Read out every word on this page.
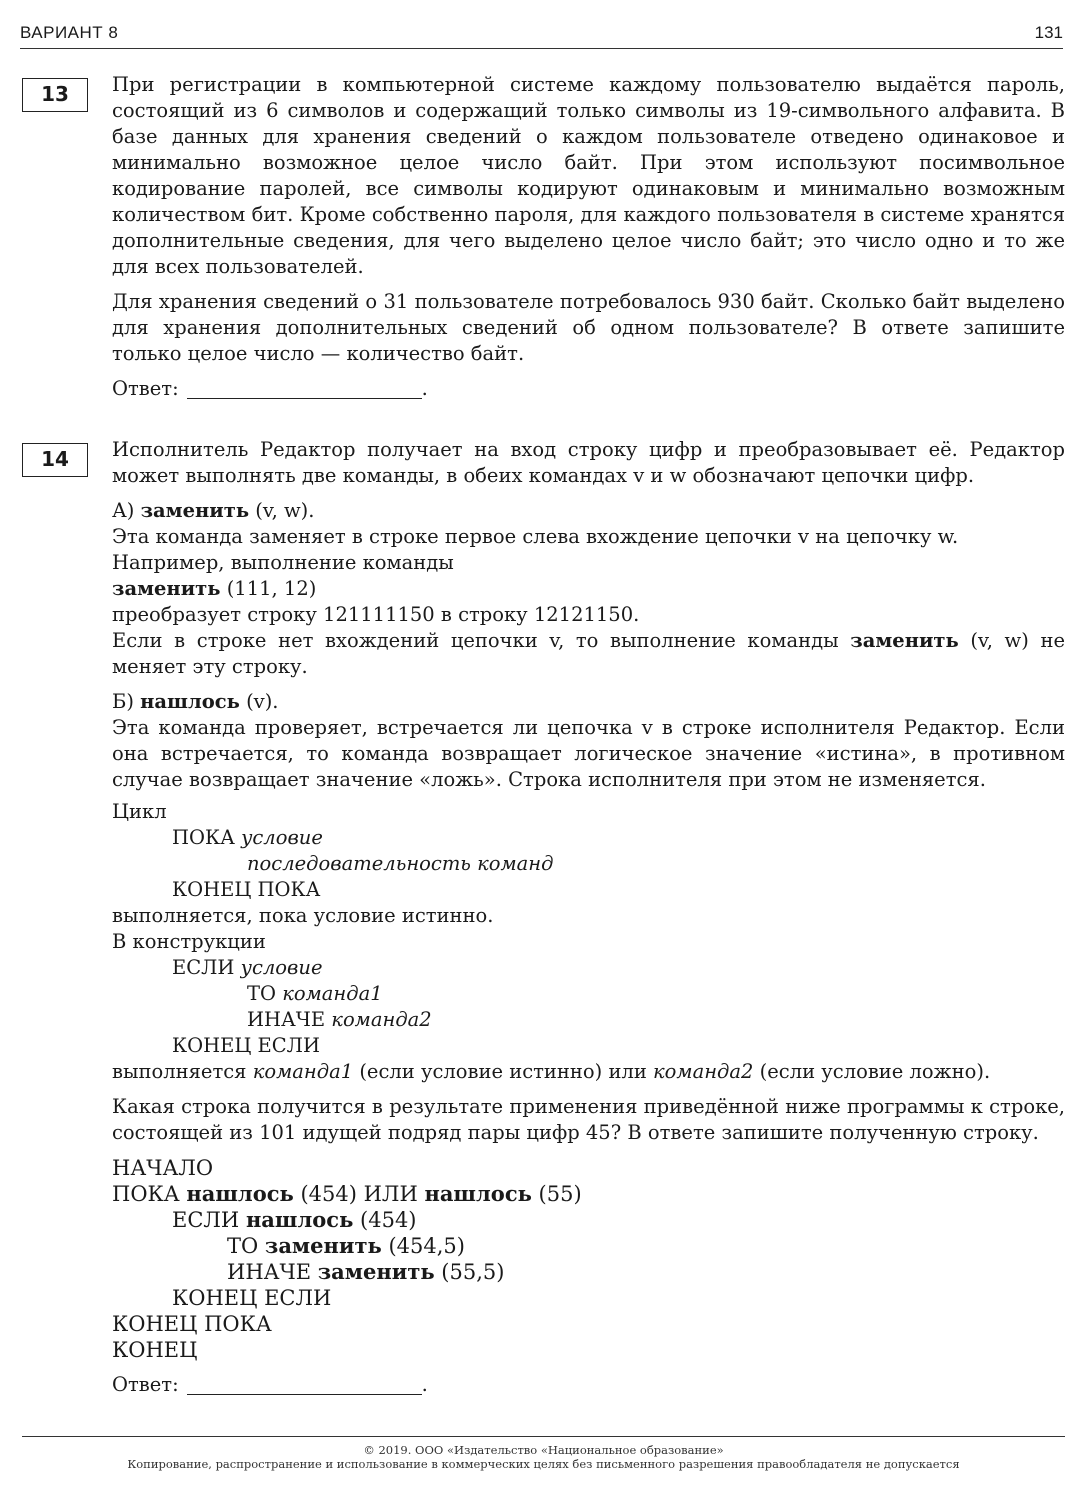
ВАРИАНТ 8	131
13	При регистрации в компьютерной системе каждому пользователю выдаётся пароль, состоящий из 6 символов и содержащий только символы из 19-символьного алфавита. В базе данных для хранения сведений о каждом пользователе отведено одинаковое и минимально возможное целое число байт. При этом используют посимвольное кодирование паролей, все символы кодируют одинаковым и минимально возможным количеством бит. Кроме собственно пароля, для каждого пользователя в системе хранятся дополнительные сведения, для чего выделено целое число байт; это число одно и то же для всех пользователей.

Для хранения сведений о 31 пользователе потребовалось 930 байт. Сколько байт выделено для хранения дополнительных сведений об одном пользователе? В ответе запишите только целое число — количество байт.

Ответ:	.

14	Исполнитель Редактор получает на вход строку цифр и преобразовывает её. Редактор может выполнять две команды, в обеих командах v и w обозначают цепочки цифр.

А) заменить (v, w).

Эта команда заменяет в строке первое слева вхождение цепочки v на цепочку w.

Например, выполнение команды

заменить (111, 12)

преобразует строку 121111150 в строку 12121150.

Если в строке нет вхождений цепочки v, то выполнение команды заменить (v, w) не меняет эту строку.

Б) нашлось (v).

Эта команда проверяет, встречается ли цепочка v в строке исполнителя Редактор. Если она встречается, то команда возвращает логическое значение «истина», в противном случае возвращает значение «ложь». Строка исполнителя при этом не изменяется.

Цикл

ПОКА условие

последовательность команд

КОНЕЦ ПОКА

выполняется, пока условие истинно.

В конструкции

ЕСЛИ условие

ТО команда1

ИНАЧЕ команда2

КОНЕЦ ЕСЛИ

выполняется команда1 (если условие истинно) или команда2 (если условие ложно).

Какая строка получится в результате применения приведённой ниже программы к строке, состоящей из 101 идущей подряд пары цифр 45? В ответе запишите полученную строку.

НАЧАЛО

ПОКА нашлось (454) ИЛИ нашлось (55)

ЕСЛИ нашлось (454)

ТО заменить (454,5)

ИНАЧЕ заменить (55,5)

КОНЕЦ ЕСЛИ

КОНЕЦ ПОКА

КОНЕЦ

Ответ:	.

© 2019. ООО «Издательство «Национальное образование»
Копирование, распространение и использование в коммерческих целях без письменного разрешения правообладателя не допускается
